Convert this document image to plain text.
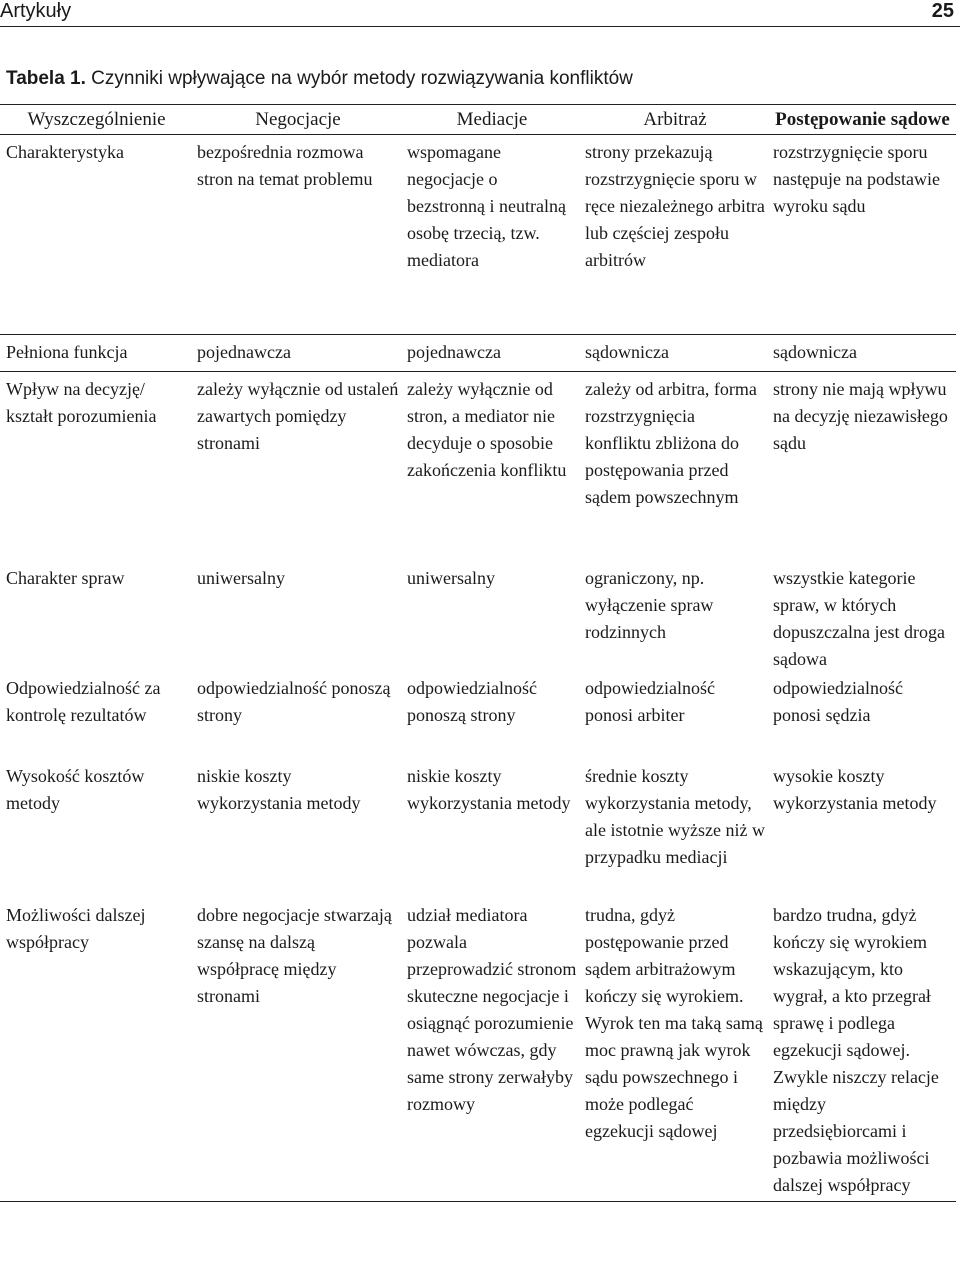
Artykuły	25
Tabela 1. Czynniki wpływające na wybór metody rozwiązywania konfliktów
Wyszczególnienie	Negocjacje	Mediacje	Arbitraż	Postępowanie sądowe
Charakterystyka	bezpośrednia rozmowa stron na temat problemu	wspomagane negocjacje o bezstronną i neutralną osobę trzecią, tzw. mediatora	strony przekazują rozstrzygnięcie sporu w ręce niezależnego arbitra lub częściej zespołu arbitrów	rozstrzygnięcie sporu następuje na podstawie wyroku sądu
Pełniona funkcja	pojednawcza	pojednawcza	sądownicza	sądownicza
Wpływ na decyzję/ kształt porozumienia	zależy wyłącznie od ustaleń zawartych pomiędzy stronami	zależy wyłącznie od stron, a mediator nie decyduje o sposobie zakończenia konfliktu	zależy od arbitra, forma rozstrzygnięcia konfliktu zbliżona do postępowania przed sądem powszechnym	strony nie mają wpływu na decyzję niezawisłego sądu
Charakter spraw	uniwersalny	uniwersalny	ograniczony, np. wyłączenie spraw rodzinnych	wszystkie kategorie spraw, w których dopuszczalna jest droga sądowa
Odpowiedzialność za kontrolę rezultatów	odpowiedzialność ponoszą strony	odpowiedzialność ponoszą strony	odpowiedzialność ponosi arbiter	odpowiedzialność ponosi sędzia
Wysokość kosztów metody	niskie koszty wykorzystania metody	niskie koszty wykorzystania metody	średnie koszty wykorzystania metody, ale istotnie wyższe niż w przypadku mediacji	wysokie koszty wykorzystania metody
Możliwości dalszej współpracy	dobre negocjacje stwarzają szansę na dalszą współpracę między stronami	udział mediatora pozwala przeprowadzić stronom skuteczne negocjacje i osiągnąć porozumienie nawet wówczas, gdy same strony zerwałyby rozmowy	trudna, gdyż postępowanie przed sądem arbitrażowym kończy się wyrokiem. Wyrok ten ma taką samą moc prawną jak wyrok sądu powszechnego i może podlegać egzekucji sądowej	bardzo trudna, gdyż kończy się wyrokiem wskazującym, kto wygrał, a kto przegrał sprawę i podlega egzekucji sądowej. Zwykle niszczy relacje między przedsiębiorcami i pozbawia możliwości dalszej współpracy
